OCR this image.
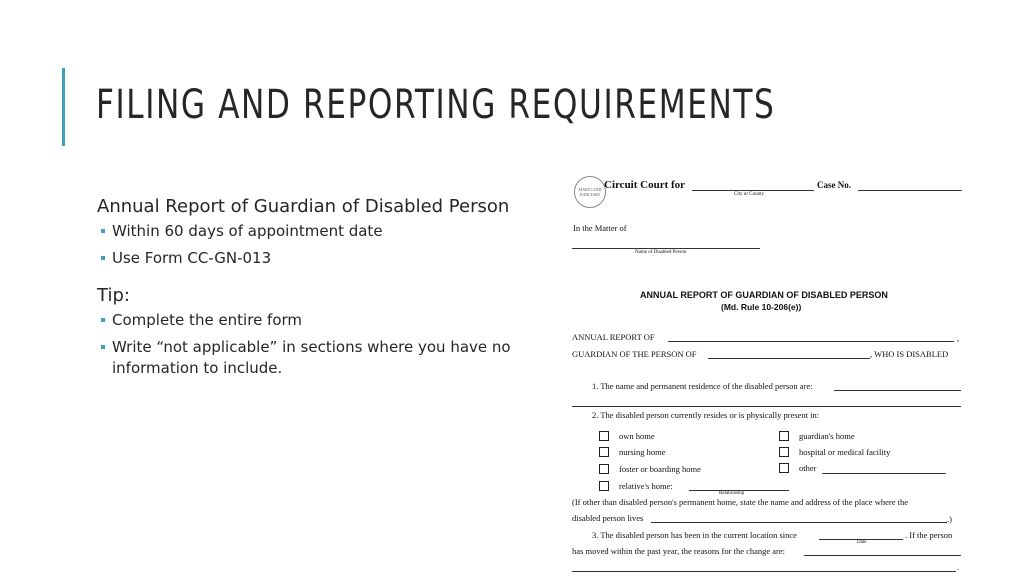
FILING AND REPORTING REQUIREMENTS
Annual Report of Guardian of Disabled Person
Within 60 days of appointment date
Use Form CC-GN-013
Tip:
Complete the entire form
Write “not applicable” in sections where you have no information to include.
MARYLAND JUDICIARY
Circuit Court for
City or County
Case No.
In the Matter of
Name of Disabled Person
ANNUAL REPORT OF GUARDIAN OF DISABLED PERSON
(Md. Rule 10-206(e))
ANNUAL REPORT OF	,
GUARDIAN OF THE PERSON OF	, WHO IS DISABLED
1. The name and permanent residence of the disabled person are:
2. The disabled person currently resides or is physically present in:
own home	guardian's home
nursing home	hospital or medical facility
foster or boarding home	other
relative's home:
Relationship
(If other than disabled person's permanent home, state the name and address of the place where the
disabled person lives	.)
3. The disabled person has been in the current location since
Date
. If the person
has moved within the past year, the reasons for the change are:
.
